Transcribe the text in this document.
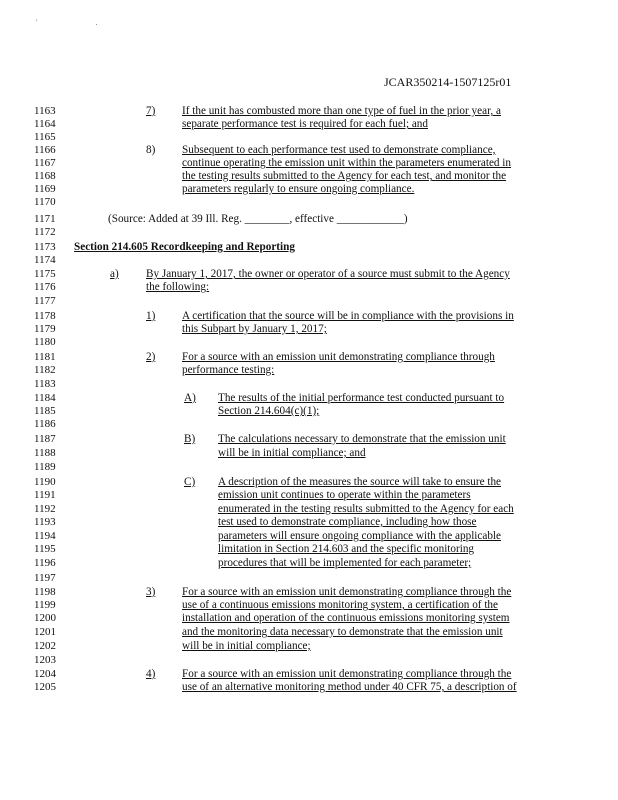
' .
JCAR350214-1507125r01
1163
1164
1165
1166
1167
1168
1169
1170
1171
1172
1173
1174
1175
1176
1177
1178
1179
1180
1181
1182
1183
1184
1185
1186
1187
1188
1189
1190
1191
1192
1193
1194
1195
1196
1197
1198
1199
1200
1201
1202
1203
1204
1205
7) If the unit has combusted more than one type of fuel in the prior year, a
separate performance test is required for each fuel; and
8) Subsequent to each performance test used to demonstrate compliance,
continue operating the emission unit within the parameters enumerated in
the testing results submitted to the Agency for each test, and monitor the
parameters regularly to ensure ongoing compliance.
(Source: Added at 39 Ill. Reg. ________, effective ____________)
Section 214.605 Recordkeeping and Reporting
a) By January 1, 2017, the owner or operator of a source must submit to the Agency
the following:
1) A certification that the source will be in compliance with the provisions in
this Subpart by January 1, 2017;
2) For a source with an emission unit demonstrating compliance through
performance testing:
A) The results of the initial performance test conducted pursuant to
Section 214.604(c)(1);
B) The calculations necessary to demonstrate that the emission unit
will be in initial compliance; and
C) A description of the measures the source will take to ensure the
emission unit continues to operate within the parameters
enumerated in the testing results submitted to the Agency for each
test used to demonstrate compliance, including how those
parameters will ensure ongoing compliance with the applicable
limitation in Section 214.603 and the specific monitoring
procedures that will be implemented for each parameter;
3) For a source with an emission unit demonstrating compliance through the
use of a continuous emissions monitoring system, a certification of the
installation and operation of the continuous emissions monitoring system
and the monitoring data necessary to demonstrate that the emission unit
will be in initial compliance;
4) For a source with an emission unit demonstrating compliance through the
use of an alternative monitoring method under 40 CFR 75, a description of
